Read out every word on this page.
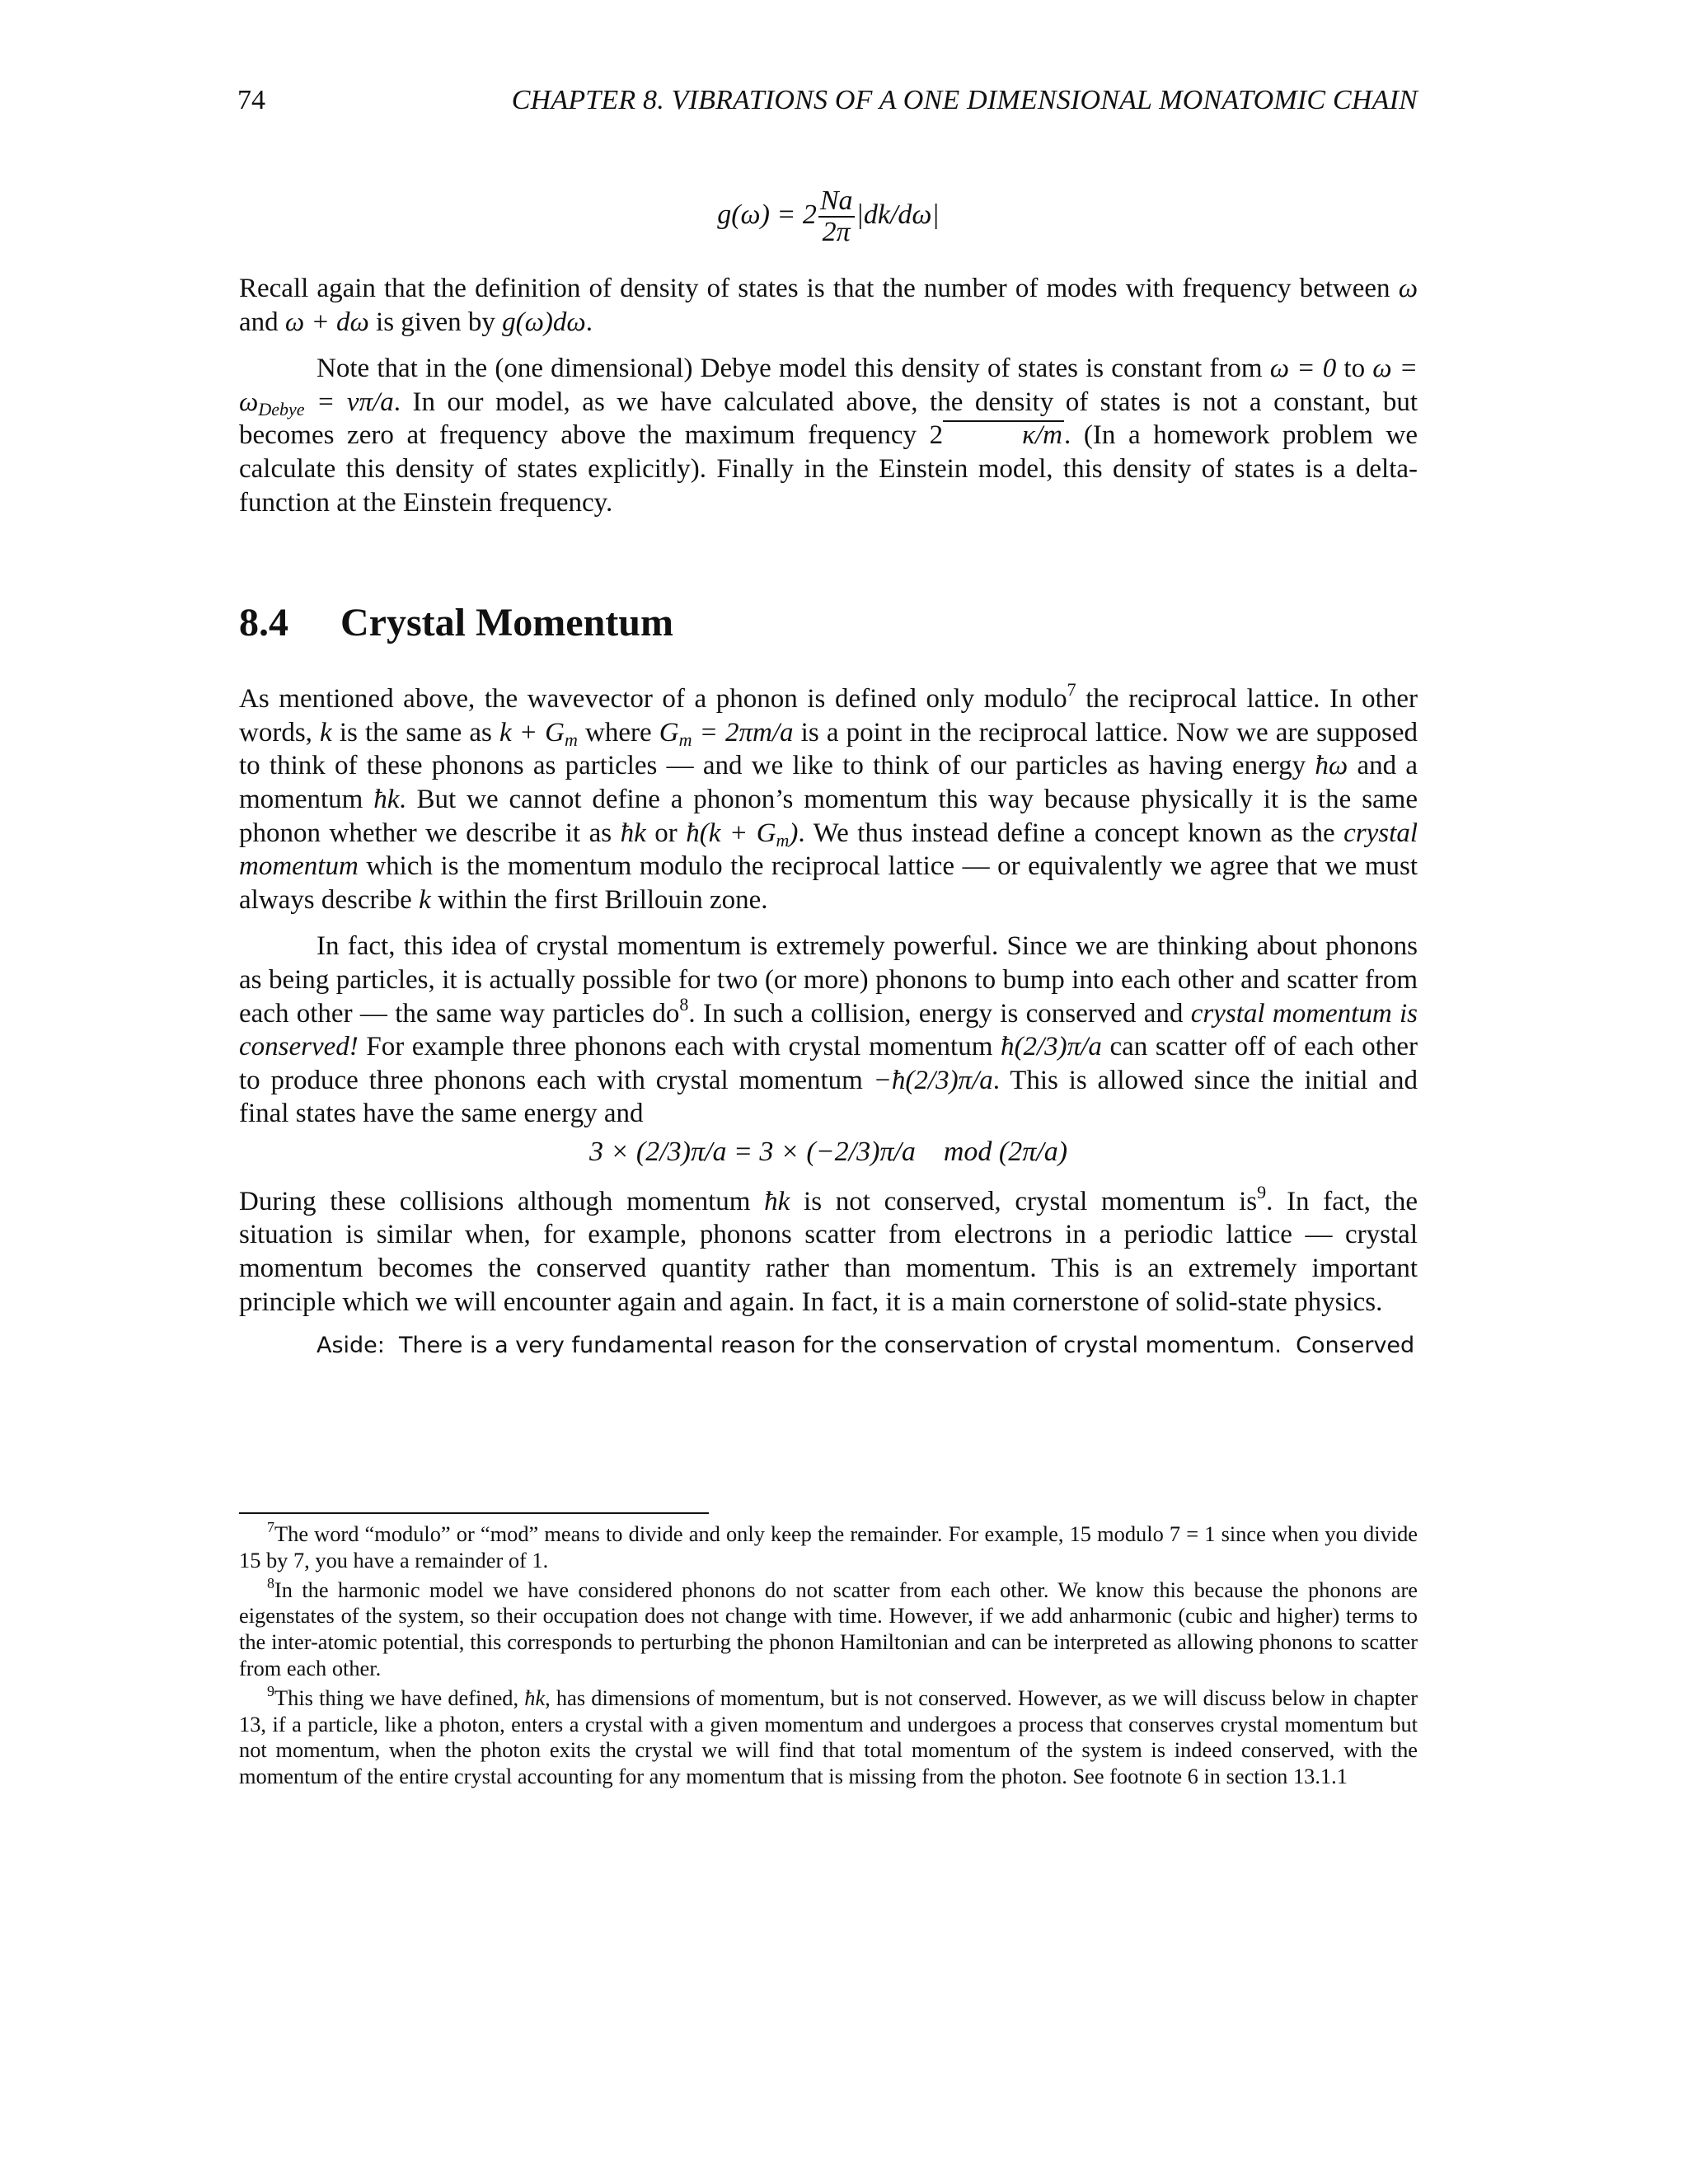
74	CHAPTER 8. VIBRATIONS OF A ONE DIMENSIONAL MONATOMIC CHAIN
$g(\omega) = 2 \frac{Na}{2\pi} |dk/d\omega|$

Recall again that the definition of density of states is that the number of modes with frequency between ω and ω + dω is given by g(ω)dω.

Note that in the (one dimensional) Debye model this density of states is constant from ω = 0 to $\omega = \omega_{Debye} = v\pi/a$. In our model, as we have calculated above, the density of states is not a constant, but becomes zero at frequency above the maximum frequency 2	κ/m. (In a homework problem we calculate this density of states explicitly). Finally in the Einstein model, this density of states is a delta-function at the Einstein frequency.

8.4 Crystal Momentum

As mentioned above, the wavevector of a phonon is defined only modulo$^7$ the reciprocal lattice. In other words, k is the same as $k + G_m$ where $G_m = 2\pi m/a$ is a point in the reciprocal lattice. Now we are supposed to think of these phonons as particles — and we like to think of our particles as having energy ħω and a momentum ħk. But we cannot define a phonon’s momentum this way because physically it is the same phonon whether we describe it as ħk or ħ(k + $G_m$). We thus instead define a concept known as the crystal momentum which is the momentum modulo the reciprocal lattice — or equivalently we agree that we must always describe k within the first Brillouin zone.

In fact, this idea of crystal momentum is extremely powerful. Since we are thinking about phonons as being particles, it is actually possible for two (or more) phonons to bump into each other and scatter from each other — the same way particles $do^8$. In such a collision, energy is conserved and crystal momentum is conserved! For example three phonons each with crystal momentum ħ(2/3)π/a can scatter off of each other to produce three phonons each with crystal momentum −ħ(2/3)π/a. This is allowed since the initial and final states have the same energy and

3 × (2/3)π/a = 3 × (−2/3)π/a    mod (2π/a)

During these collisions although momentum ħk is not conserved, crystal momentum $is^9$. In fact, the situation is similar when, for example, phonons scatter from electrons in a periodic lattice — crystal momentum becomes the conserved quantity rather than momentum. This is an extremely important principle which we will encounter again and again. In fact, it is a main cornerstone of solid-state physics.

Aside:  There is a very fundamental reason for the conservation of crystal momentum.  Conserved

$^7$The word “modulo” or “mod” means to divide and only keep the remainder. For example, 15 modulo 7 = 1 since when you divide 15 by 7, you have a remainder of 1.

$^8$In the harmonic model we have considered phonons do not scatter from each other. We know this because the phonons are eigenstates of the system, so their occupation does not change with time. However, if we add anharmonic (cubic and higher) terms to the inter-atomic potential, this corresponds to perturbing the phonon Hamiltonian and can be interpreted as allowing phonons to scatter from each other.

$^9$This thing we have defined, ħk, has dimensions of momentum, but is not conserved. However, as we will discuss below in chapter 13, if a particle, like a photon, enters a crystal with a given momentum and undergoes a process that conserves crystal momentum but not momentum, when the photon exits the crystal we will find that total momentum of the system is indeed conserved, with the momentum of the entire crystal accounting for any momentum that is missing from the photon. See footnote 6 in section 13.1.1
